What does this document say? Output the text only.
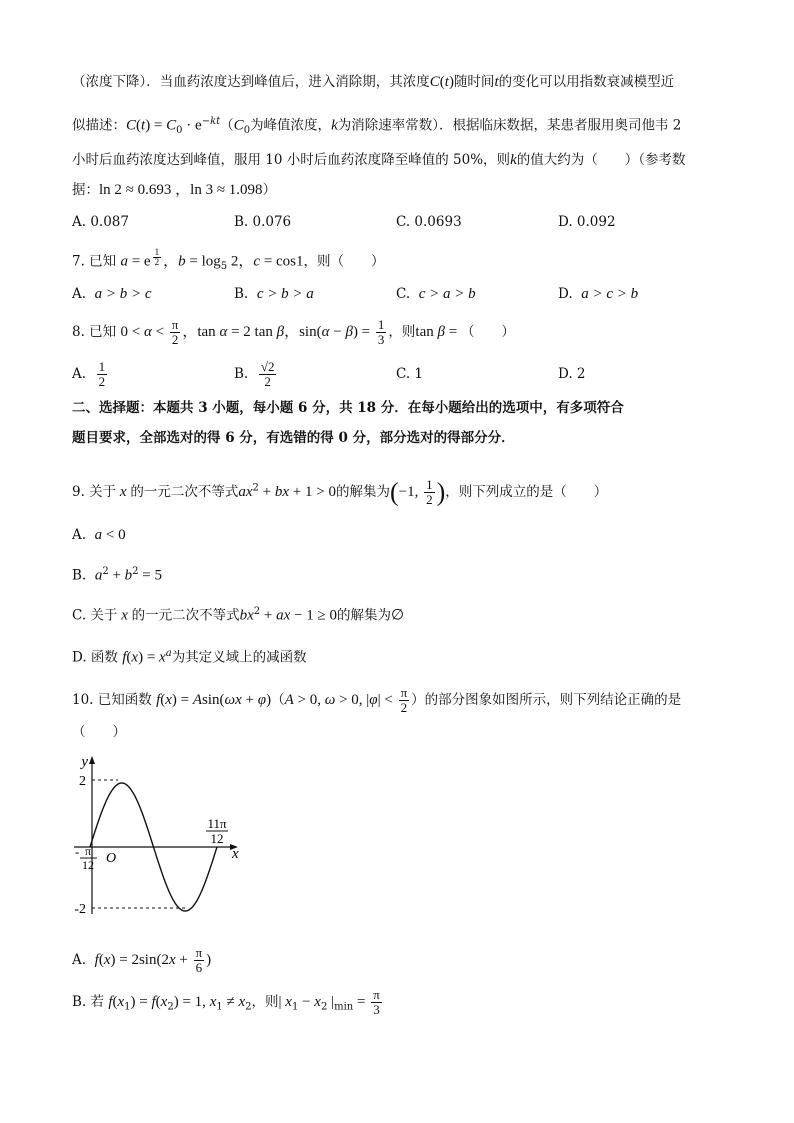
（浓度下降）．当血药浓度达到峰值后，进入消除期，其浓度C(t)随时间t的变化可以用指数衰减模型近
似描述：$C(t) = C_0 \cdot e^{-kt}(C_0$为峰值浓度，k为消除速率常数）．根据临床数据，某患者服用奥司他韦 2
小时后血药浓度达到峰值，服用 10 小时后血药浓度降至峰值的 50%，则k的值大约为（　　）（参考数
据：ln 2 ≈ 0.693 ，ln 3 ≈ 1.098）
A. 0.087	B. 0.076	C. 0.0693	D. 0.092
7. 已知 a = e $^{\frac{1}{2}}$ ，$b = \log_5 2$，c = cos1，则（　　）
A. a > b > c	B. c > b > a	C. c > a > b	D. a > c > b
8. 已知 $0 < \alpha < \frac{\pi}{2}$ ，tan α = 2 tan β，$\sin(\alpha - \beta) = \frac{1}{3}$ ，则tan β = （　　）
A. $\frac{1}{2}$	B. $\frac{√2}{2}$	C. 1	D. 2
二、选择题：本题共 3 小题，每小题 6 分，共 18 分．在每小题给出的选项中，有多项符合
题目要求，全部选对的得 6 分，有选错的得 0 分，部分选对的得部分分．
9. 关于 x 的一元二次不等式$ax^2$ + bx + 1 > 0的解集为(−1, $\frac{1}{2}$ )，则下列成立的是（　　）
A. a < 0
B. $a^2 + b^2 = 5$
C. 关于 x 的一元二次不等式$bx^2$ + ax − 1 ≥ 0的解集为∅
D. 函数 $f(x) = x^a$为其定义域上的减函数
10. 已知函数 f(x) = Asin(ωx + φ)（A > 0, ω > 0, $|\varphi| < \frac{\pi}{2}$ ）的部分图象如图所示，则下列结论正确的是
（　　）
y
x
O
2
-2
11π
12
- π
12
A. $f(x) = 2\sin(2x + \frac{\pi}{6}$ )
B. 若 $f(x_1) = f(x_2) = 1$, $x_1 \ne x_2$，则| $x_1 - x_2$ $|_{min} = \frac{\pi}{3}$
